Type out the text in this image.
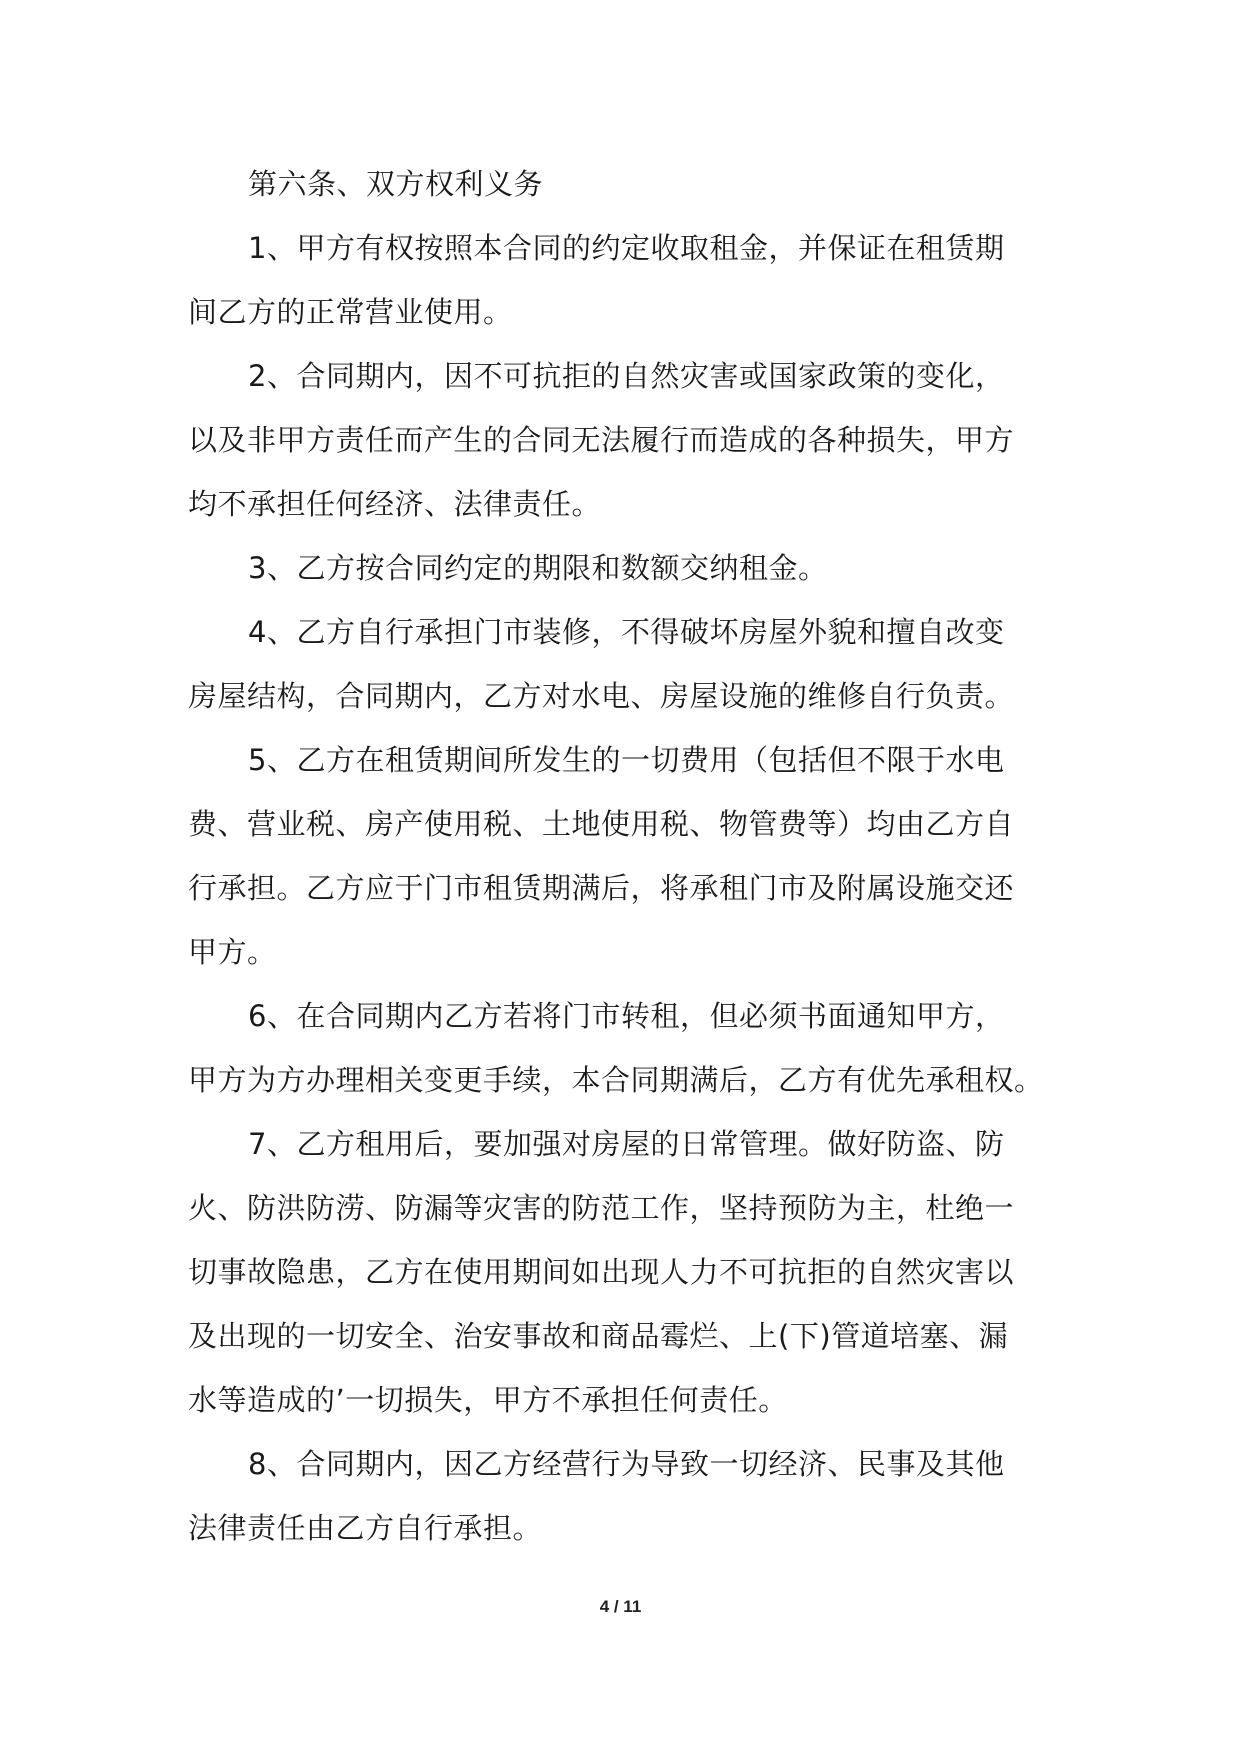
第六条、双方权利义务
1、甲方有权按照本合同的约定收取租金，并保证在租赁期
间乙方的正常营业使用。
2、合同期内，因不可抗拒的自然灾害或国家政策的变化，
以及非甲方责任而产生的合同无法履行而造成的各种损失，甲方
均不承担任何经济、法律责任。
3、乙方按合同约定的期限和数额交纳租金。
4、乙方自行承担门市装修，不得破坏房屋外貌和擅自改变
房屋结构，合同期内，乙方对水电、房屋设施的维修自行负责。
5、乙方在租赁期间所发生的一切费用（包括但不限于水电
费、营业税、房产使用税、土地使用税、物管费等）均由乙方自
行承担。乙方应于门市租赁期满后，将承租门市及附属设施交还
甲方。
6、在合同期内乙方若将门市转租，但必须书面通知甲方，
甲方为方办理相关变更手续，本合同期满后，乙方有优先承租权。
7、乙方租用后，要加强对房屋的日常管理。做好防盗、防
火、防洪防涝、防漏等灾害的防范工作，坚持预防为主，杜绝一
切事故隐患，乙方在使用期间如出现人力不可抗拒的自然灾害以
及出现的一切安全、治安事故和商品霉烂、上(下)管道培塞、漏
水等造成的’一切损失，甲方不承担任何责任。
8、合同期内，因乙方经营行为导致一切经济、民事及其他
法律责任由乙方自行承担。
4 / 11
